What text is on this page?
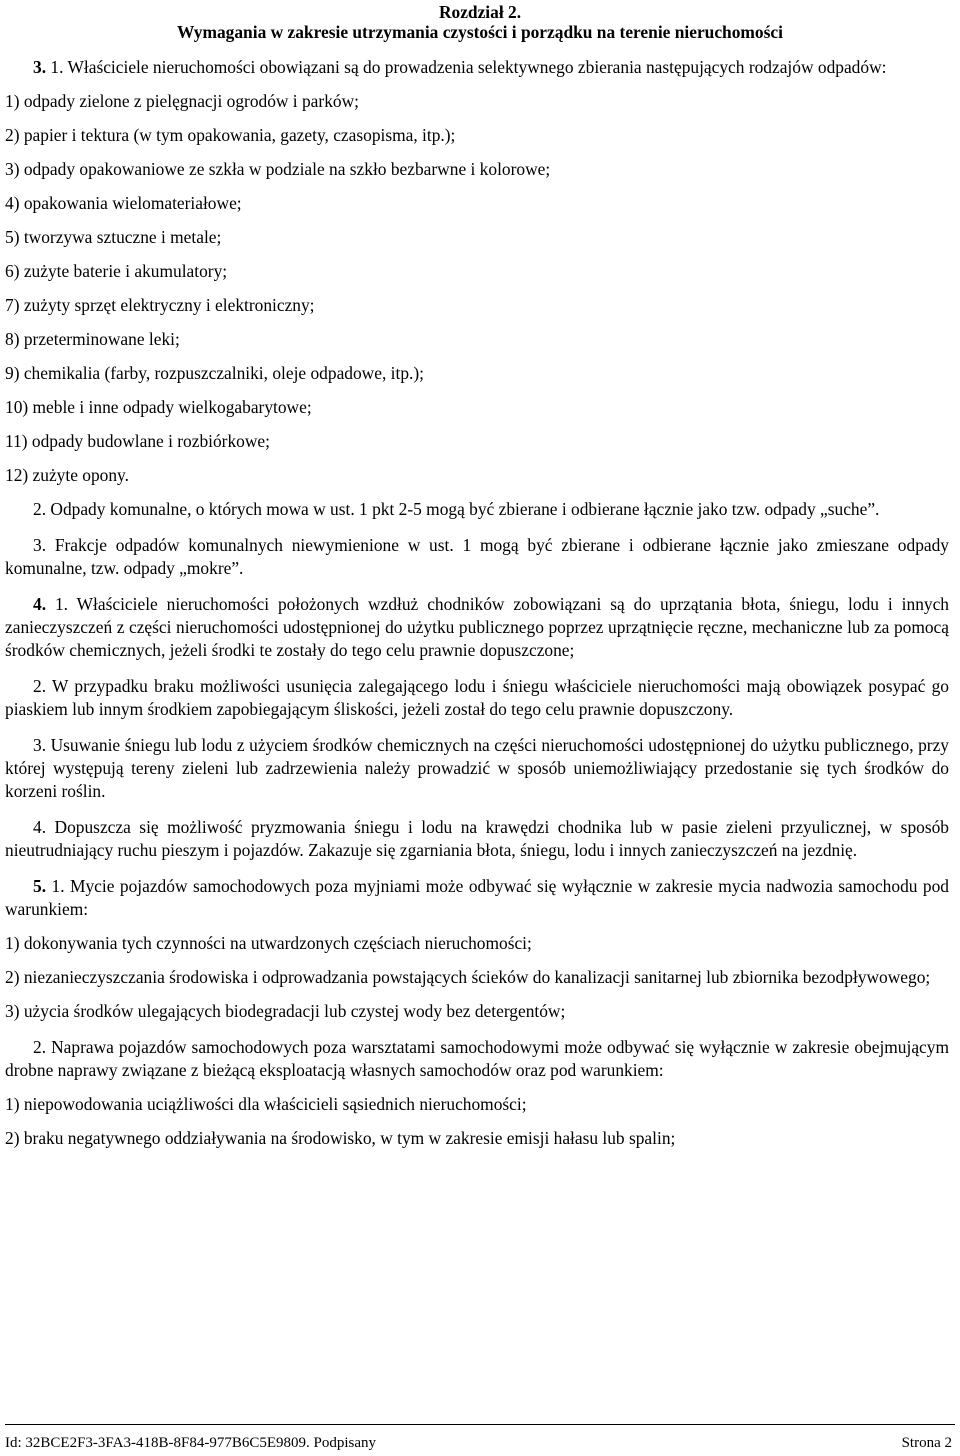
Rozdział 2.
Wymagania w zakresie utrzymania czystości i porządku na terenie nieruchomości

3. 1. Właściciele nieruchomości obowiązani są do prowadzenia selektywnego zbierania następujących rodzajów odpadów:

1) odpady zielone z pielęgnacji ogrodów i parków;

2) papier i tektura (w tym opakowania, gazety, czasopisma, itp.);

3) odpady opakowaniowe ze szkła w podziale na szkło bezbarwne i kolorowe;

4) opakowania wielomateriałowe;

5) tworzywa sztuczne i metale;

6) zużyte baterie i akumulatory;

7) zużyty sprzęt elektryczny i elektroniczny;

8) przeterminowane leki;

9) chemikalia (farby, rozpuszczalniki, oleje odpadowe, itp.);

10) meble i inne odpady wielkogabarytowe;

11) odpady budowlane i rozbiórkowe;

12) zużyte opony.

2. Odpady komunalne, o których mowa w ust. 1 pkt 2-5 mogą być zbierane i odbierane łącznie jako tzw. odpady „suche”.

3. Frakcje odpadów komunalnych niewymienione w ust. 1 mogą być zbierane i odbierane łącznie jako zmieszane odpady komunalne, tzw. odpady „mokre”.

4. 1. Właściciele nieruchomości położonych wzdłuż chodników zobowiązani są do uprzątania błota, śniegu, lodu i innych zanieczyszczeń z części nieruchomości udostępnionej do użytku publicznego poprzez uprzątnięcie ręczne, mechaniczne lub za pomocą środków chemicznych, jeżeli środki te zostały do tego celu prawnie dopuszczone;

2. W przypadku braku możliwości usunięcia zalegającego lodu i śniegu właściciele nieruchomości mają obowiązek posypać go piaskiem lub innym środkiem zapobiegającym śliskości, jeżeli został do tego celu prawnie dopuszczony.

3. Usuwanie śniegu lub lodu z użyciem środków chemicznych na części nieruchomości udostępnionej do użytku publicznego, przy której występują tereny zieleni lub zadrzewienia należy prowadzić w sposób uniemożliwiający przedostanie się tych środków do korzeni roślin.

4. Dopuszcza się możliwość pryzmowania śniegu i lodu na krawędzi chodnika lub w pasie zieleni przyulicznej, w sposób nieutrudniający ruchu pieszym i pojazdów. Zakazuje się zgarniania błota, śniegu, lodu i innych zanieczyszczeń na jezdnię.

5. 1. Mycie pojazdów samochodowych poza myjniami może odbywać się wyłącznie w zakresie mycia nadwozia samochodu pod warunkiem:

1) dokonywania tych czynności na utwardzonych częściach nieruchomości;

2) niezanieczyszczania środowiska i odprowadzania powstających ścieków do kanalizacji sanitarnej lub zbiornika bezodpływowego;

3) użycia środków ulegających biodegradacji lub czystej wody bez detergentów;

2. Naprawa pojazdów samochodowych poza warsztatami samochodowymi może odbywać się wyłącznie w zakresie obejmującym drobne naprawy związane z bieżącą eksploatacją własnych samochodów oraz pod warunkiem:

1) niepowodowania uciążliwości dla właścicieli sąsiednich nieruchomości;

2) braku negatywnego oddziaływania na środowisko, w tym w zakresie emisji hałasu lub spalin;

Id: 32BCE2F3-3FA3-418B-8F84-977B6C5E9809. Podpisany	Strona 2
